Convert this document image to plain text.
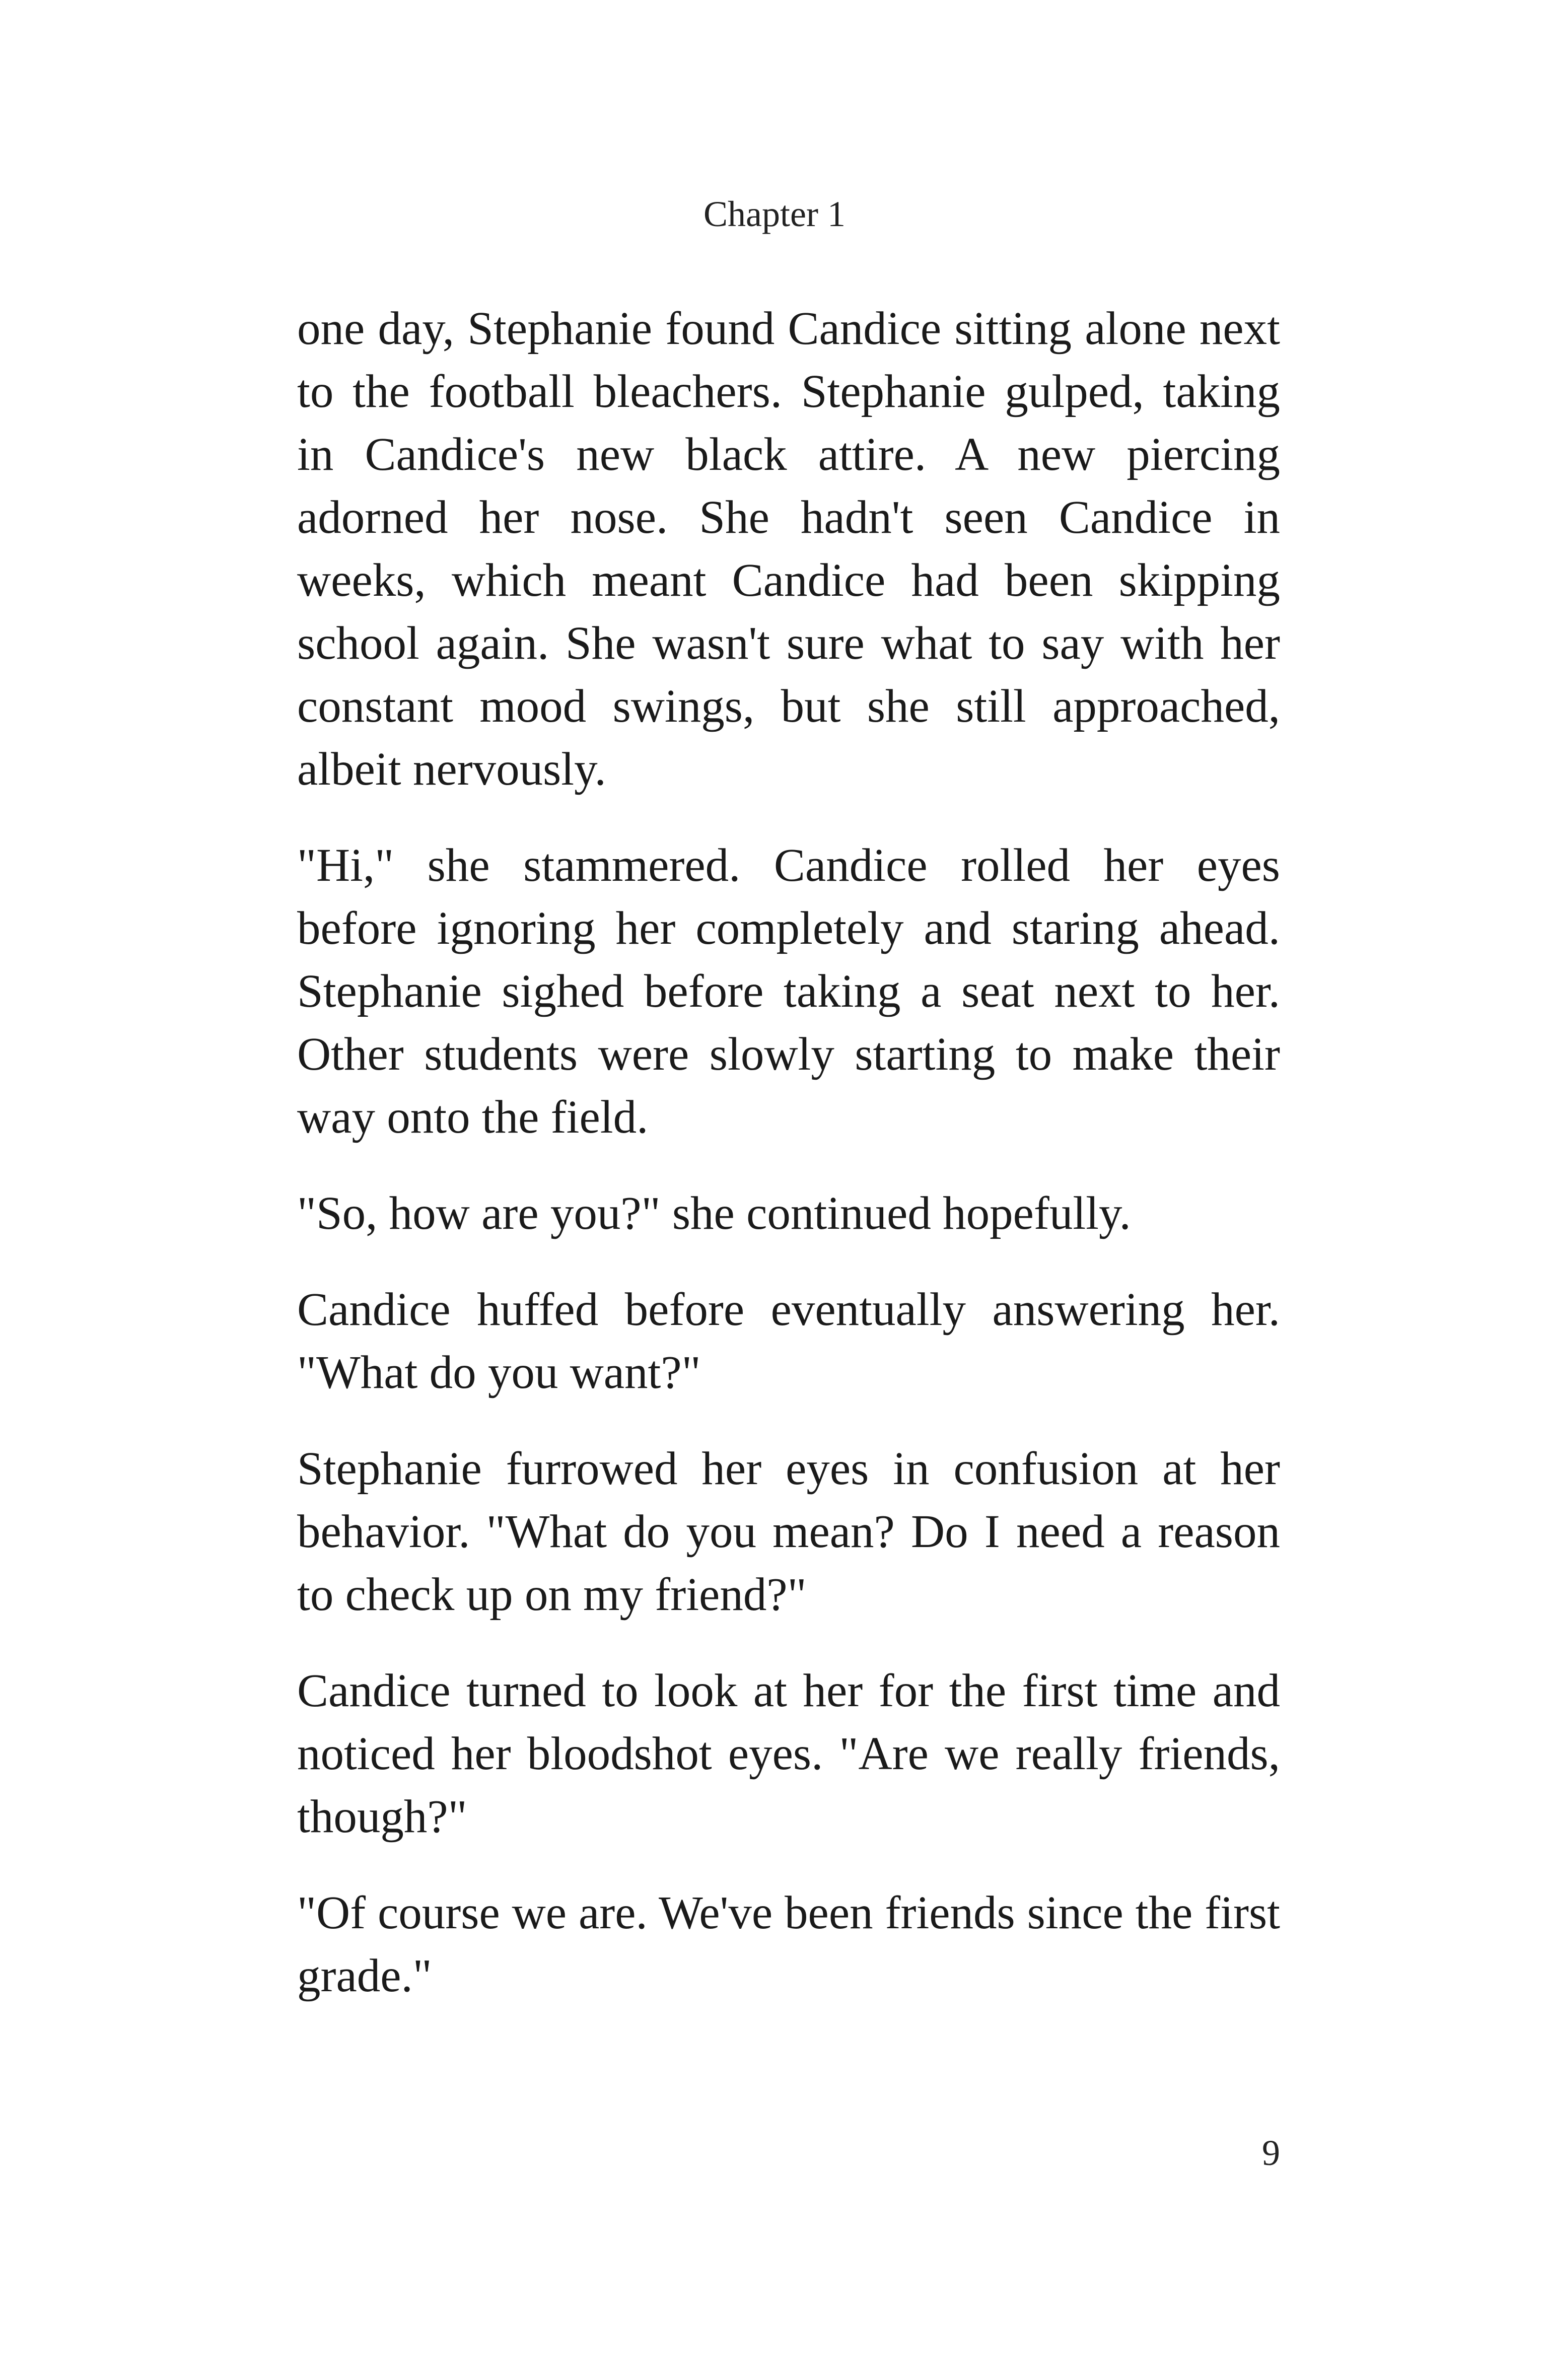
Chapter 1

one day, Stephanie found Candice sitting alone next to the football bleachers. Stephanie gulped, taking in Candice's new black attire. A new piercing adorned her nose. She hadn't seen Candice in weeks, which meant Candice had been skipping school again. She wasn't sure what to say with her constant mood swings, but she still approached, albeit nervously.

"Hi," she stammered. Candice rolled her eyes before ignoring her completely and staring ahead. Stephanie sighed before taking a seat next to her. Other students were slowly starting to make their way onto the field.

"So, how are you?" she continued hopefully.

Candice huffed before eventually answering her. "What do you want?"

Stephanie furrowed her eyes in confusion at her behavior. "What do you mean? Do I need a reason to check up on my friend?"

Candice turned to look at her for the first time and noticed her bloodshot eyes. "Are we really friends, though?"

"Of course we are. We've been friends since the first grade."

9
